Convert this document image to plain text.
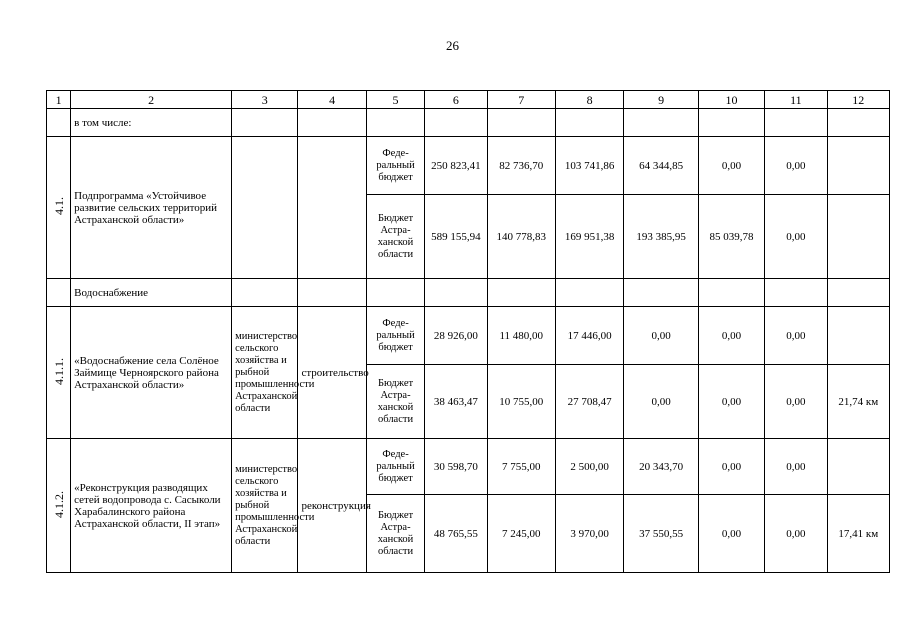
26
1	2	3	4	5	6	7	8	9	10	11	12
	в том числе:										
4.1.	Подпрограмма «Устойчивое развитие сельских территорий Астраханской области»			Феде-ральный бюджет	250 823,41	82 736,70	103 741,86	64 344,85	0,00	0,00	
				Бюджет Астра-ханской области	589 155,94	140 778,83	169 951,38	193 385,95	85 039,78	0,00	
	Водоснабжение										
4.1.1.	«Водоснабжение села Солёное Займище Черноярского района Астраханской области»	министерство сельского хозяйства и рыбной промышленности Астраханской области	строительство	Феде-ральный бюджет	28 926,00	11 480,00	17 446,00	0,00	0,00	0,00	
				Бюджет Астра-ханской области	38 463,47	10 755,00	27 708,47	0,00	0,00	0,00	21,74 км
4.1.2.	«Реконструкция разводящих сетей водопровода с. Сасыколи Харабалинского района Астраханской области, II этап»	министерство сельского хозяйства и рыбной промышленности Астраханской области	реконструкция	Феде-ральный бюджет	30 598,70	7 755,00	2 500,00	20 343,70	0,00	0,00	
				Бюджет Астра-ханской области	48 765,55	7 245,00	3 970,00	37 550,55	0,00	0,00	17,41 км
